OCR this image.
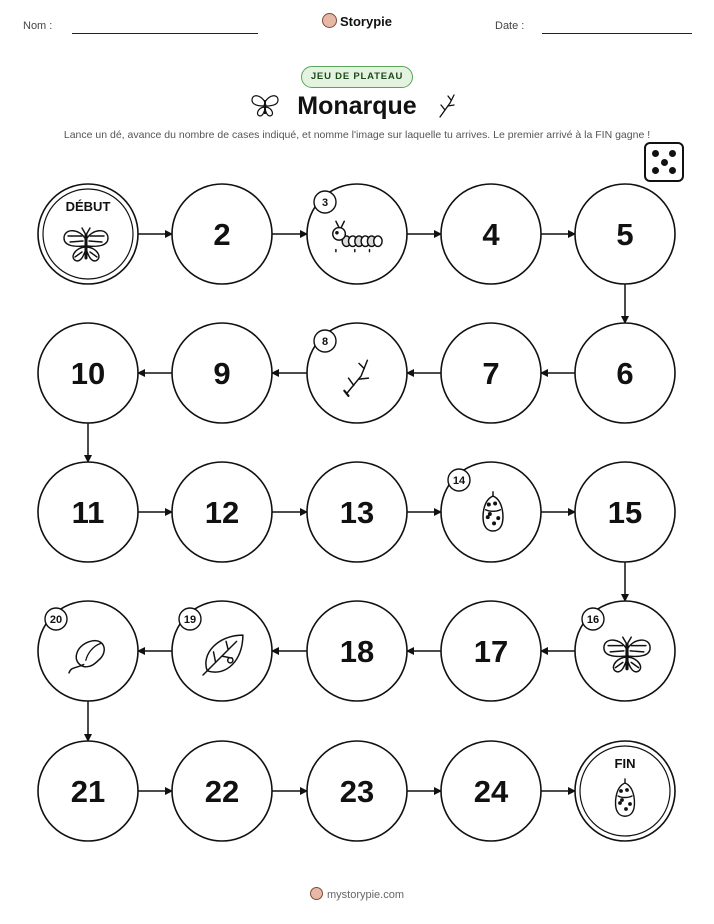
Nom :	Storypie	Date :
JEU DE PLATEAU
Monarque
Lance un dé, avance du nombre de cases indiqué, et nomme l'image sur laquelle tu arrives. Le premier arrivé à la FIN gagne !
DÉBUT
2
3
4	5
6
7
8
9
10
11	12	13
14
15
16
17
18
19
20
21	22	23	24
FIN
mystorypie.com
